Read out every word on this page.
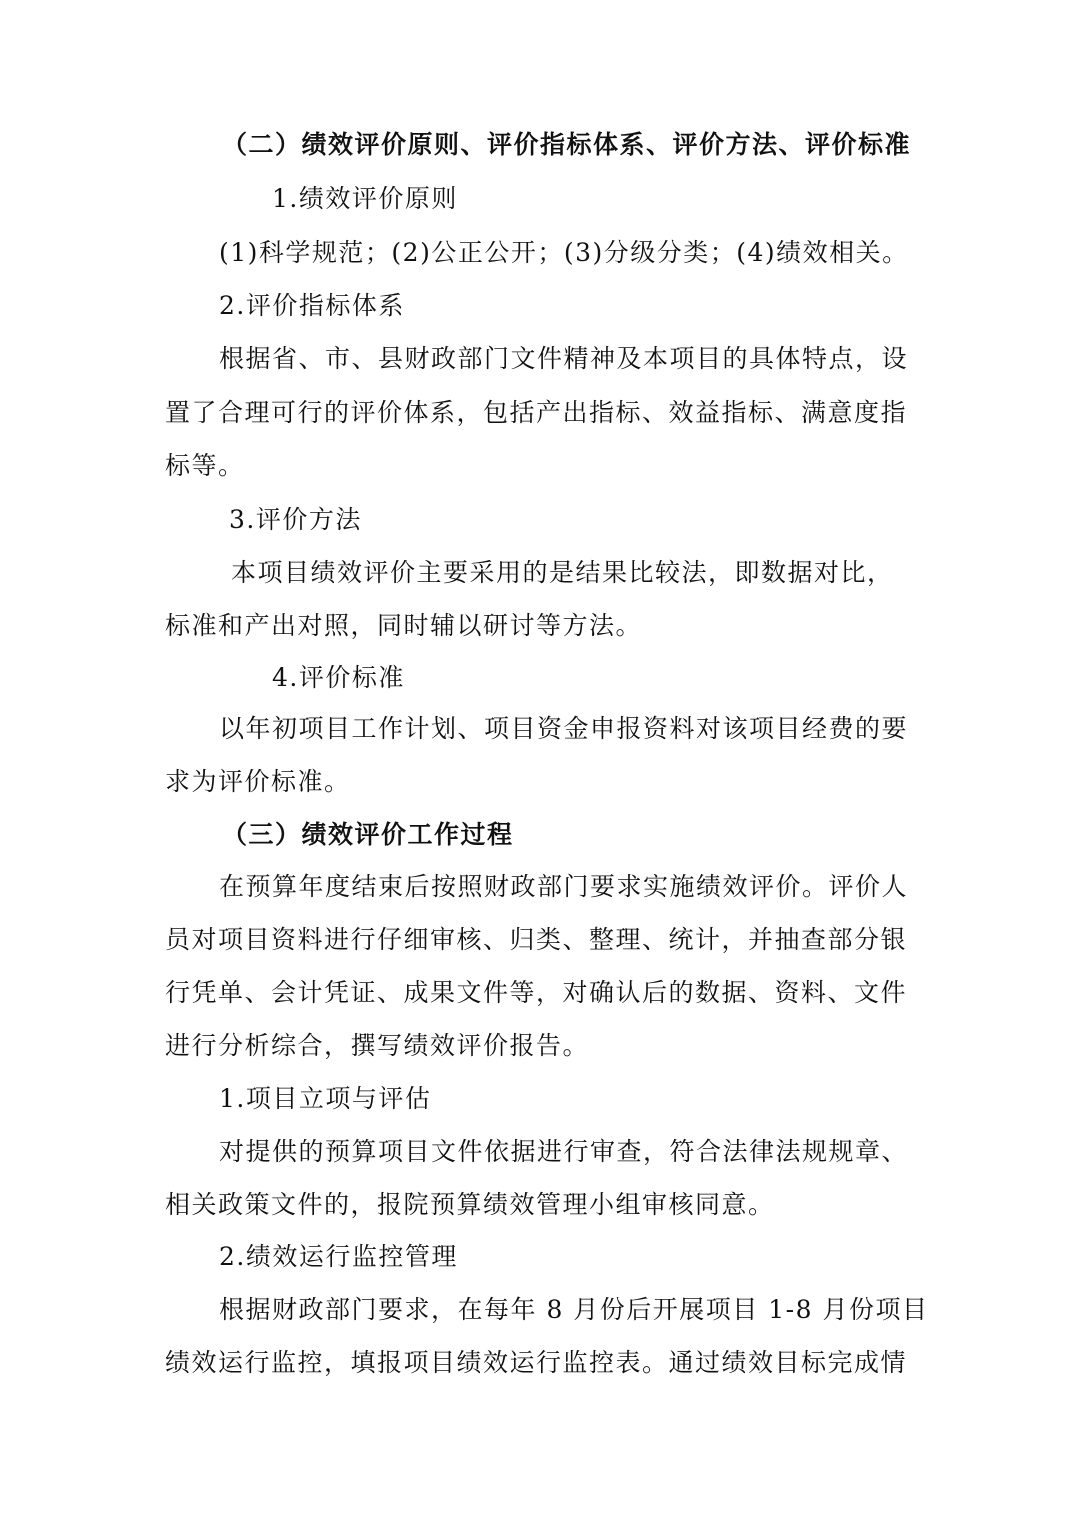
（二）绩效评价原则、评价指标体系、评价方法、评价标准
1.绩效评价原则
(1)科学规范；(2)公正公开；(3)分级分类；(4)绩效相关。
2.评价指标体系
根据省、市、县财政部门文件精神及本项目的具体特点，设
置了合理可行的评价体系，包括产出指标、效益指标、满意度指
标等。
3.评价方法
本项目绩效评价主要采用的是结果比较法，即数据对比，
标准和产出对照，同时辅以研讨等方法。
4.评价标准
以年初项目工作计划、项目资金申报资料对该项目经费的要
求为评价标准。
（三）绩效评价工作过程
在预算年度结束后按照财政部门要求实施绩效评价。评价人
员对项目资料进行仔细审核、归类、整理、统计，并抽查部分银
行凭单、会计凭证、成果文件等，对确认后的数据、资料、文件
进行分析综合，撰写绩效评价报告。
1.项目立项与评估
对提供的预算项目文件依据进行审查，符合法律法规规章、
相关政策文件的，报院预算绩效管理小组审核同意。
2.绩效运行监控管理
根据财政部门要求，在每年 8 月份后开展项目 1-8 月份项目
绩效运行监控，填报项目绩效运行监控表。通过绩效目标完成情
